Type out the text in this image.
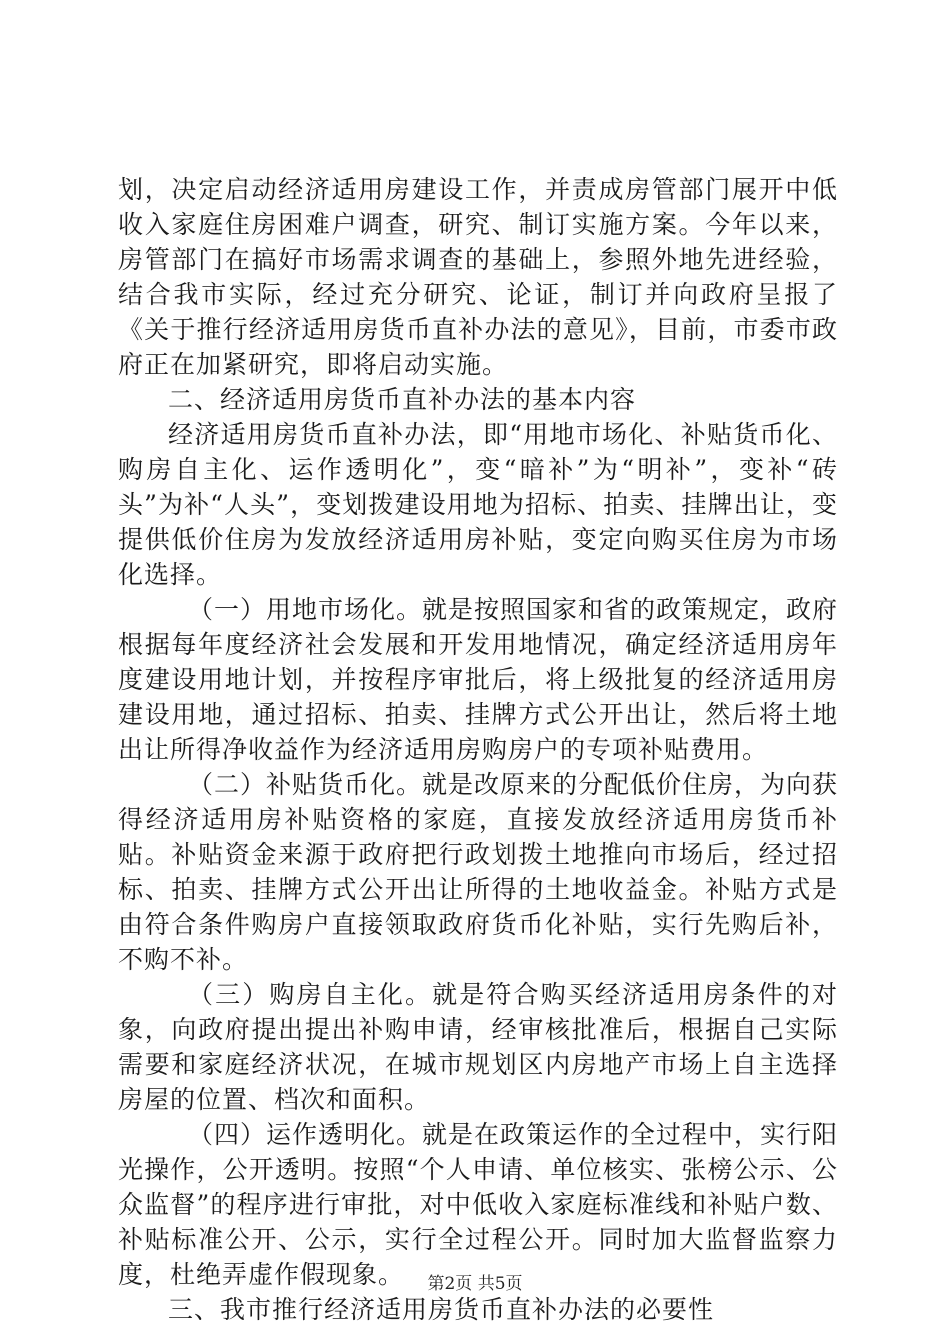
划，决定启动经济适用房建设工作，并责成房管部门展开中低收入家庭住房困难户调查，研究、制订实施方案。今年以来，房管部门在搞好市场需求调查的基础上，参照外地先进经验，结合我市实际，经过充分研究、论证，制订并向政府呈报了《关于推行经济适用房货币直补办法的意见》，目前，市委市政府正在加紧研究，即将启动实施。

二、经济适用房货币直补办法的基本内容

经济适用房货币直补办法，即“用地市场化、补贴货币化、购房自主化、运作透明化”，变“暗补”为“明补”，变补“砖头”为补“人头”，变划拨建设用地为招标、拍卖、挂牌出让，变提供低价住房为发放经济适用房补贴，变定向购买住房为市场化选择。

（一）用地市场化。就是按照国家和省的政策规定，政府根据每年度经济社会发展和开发用地情况，确定经济适用房年度建设用地计划，并按程序审批后，将上级批复的经济适用房建设用地，通过招标、拍卖、挂牌方式公开出让，然后将土地出让所得净收益作为经济适用房购房户的专项补贴费用。

（二）补贴货币化。就是改原来的分配低价住房，为向获得经济适用房补贴资格的家庭，直接发放经济适用房货币补贴。补贴资金来源于政府把行政划拨土地推向市场后，经过招标、拍卖、挂牌方式公开出让所得的土地收益金。补贴方式是由符合条件购房户直接领取政府货币化补贴，实行先购后补，不购不补。

（三）购房自主化。就是符合购买经济适用房条件的对象，向政府提出提出补购申请，经审核批准后，根据自己实际需要和家庭经济状况，在城市规划区内房地产市场上自主选择房屋的位置、档次和面积。

（四）运作透明化。就是在政策运作的全过程中，实行阳光操作，公开透明。按照“个人申请、单位核实、张榜公示、公众监督”的程序进行审批，对中低收入家庭标准线和补贴户数、补贴标准公开、公示，实行全过程公开。同时加大监督监察力度，杜绝弄虚作假现象。

三、我市推行经济适用房货币直补办法的必要性

第2页 共5页
